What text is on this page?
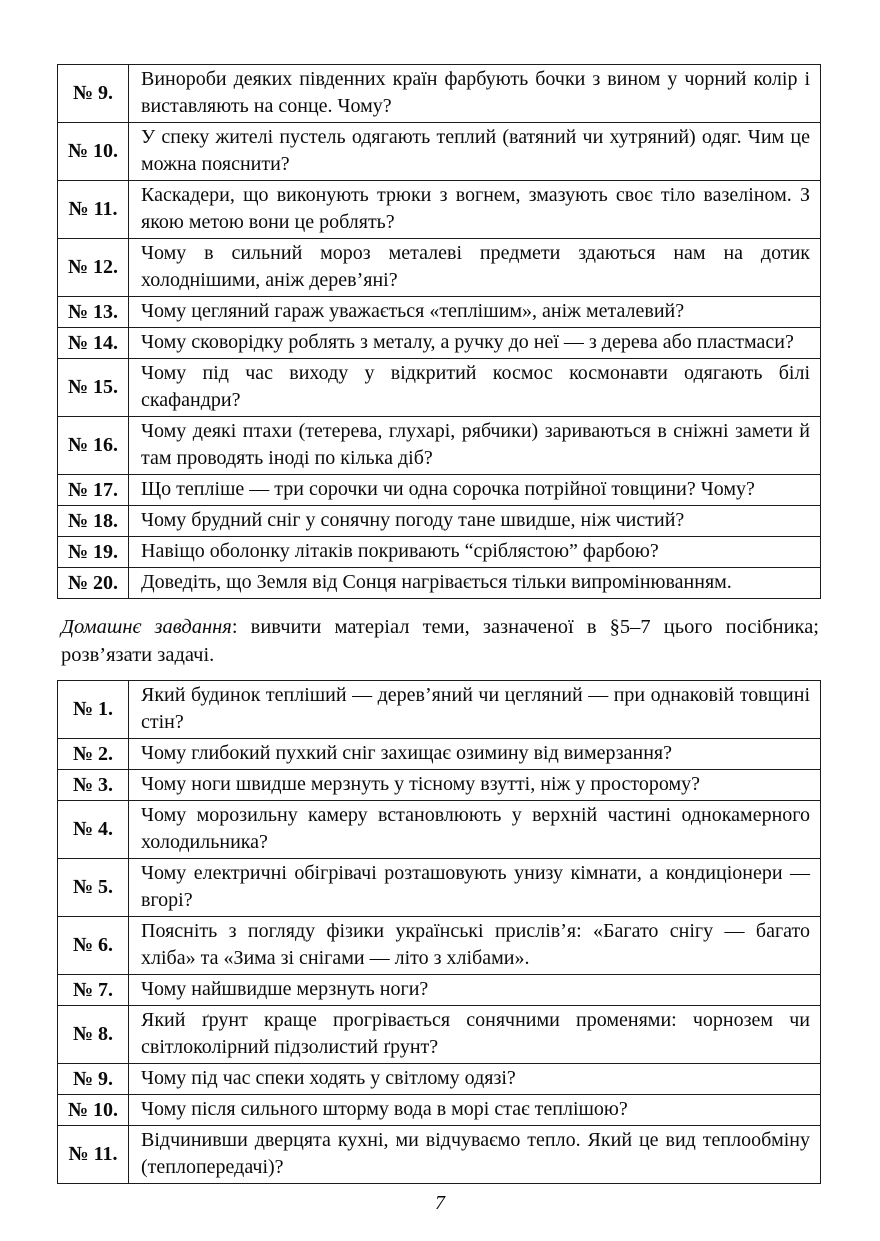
№ 9.	Винороби деяких південних країн фарбують бочки з вином у чорний колір і виставляють на сонце. Чому?
№ 10.	У спеку жителі пустель одягають теплий (ватяний чи хутряний) одяг. Чим це можна пояснити?
№ 11.	Каскадери, що виконують трюки з вогнем, змазують своє тіло вазеліном. З якою метою вони це роблять?
№ 12.	Чому в сильний мороз металеві предмети здаються нам на дотик холоднішими, аніж дерев’яні?
№ 13.	Чому цегляний гараж уважається «теплішим», аніж металевий?
№ 14.	Чому сковорідку роблять з металу, а ручку до неї — з дерева або пластмаси?
№ 15.	Чому під час виходу у відкритий космос космонавти одягають білі скафандри?
№ 16.	Чому деякі птахи (тетерева, глухарі, рябчики) зариваються в сніжні замети й там проводять іноді по кілька діб?
№ 17.	Що тепліше — три сорочки чи одна сорочка потрійної товщини? Чому?
№ 18.	Чому брудний сніг у сонячну погоду тане швидше, ніж чистий?
№ 19.	Навіщо оболонку літаків покривають “сріблястою” фарбою?
№ 20.	Доведіть, що Земля від Сонця нагрівається тільки випромінюванням.

Домашнє завдання: вивчити матеріал теми, зазначеної в §5–7 цього посібника; розв’язати задачі.

№ 1.	Який будинок тепліший — дерев’яний чи цегляний — при однаковій товщині стін?
№ 2.	Чому глибокий пухкий сніг захищає озимину від вимерзання?
№ 3.	Чому ноги швидше мерзнуть у тісному взутті, ніж у просторому?
№ 4.	Чому морозильну камеру встановлюють у верхній частині однокамерного холодильника?
№ 5.	Чому електричні обігрівачі розташовують унизу кімнати, а кондиціонери — вгорі?
№ 6.	Поясніть з погляду фізики українські прислів’я: «Багато снігу — багато хліба» та «Зима зі снігами — літо з хлібами».
№ 7.	Чому найшвидше мерзнуть ноги?
№ 8.	Який ґрунт краще прогрівається сонячними променями: чорнозем чи світлоколірний підзолистий ґрунт?
№ 9.	Чому під час спеки ходять у світлому одязі?
№ 10.	Чому після сильного шторму вода в морі стає теплішою?
№ 11.	Відчинивши дверцята кухні, ми відчуваємо тепло. Який це вид теплообміну (теплопередачі)?
7
